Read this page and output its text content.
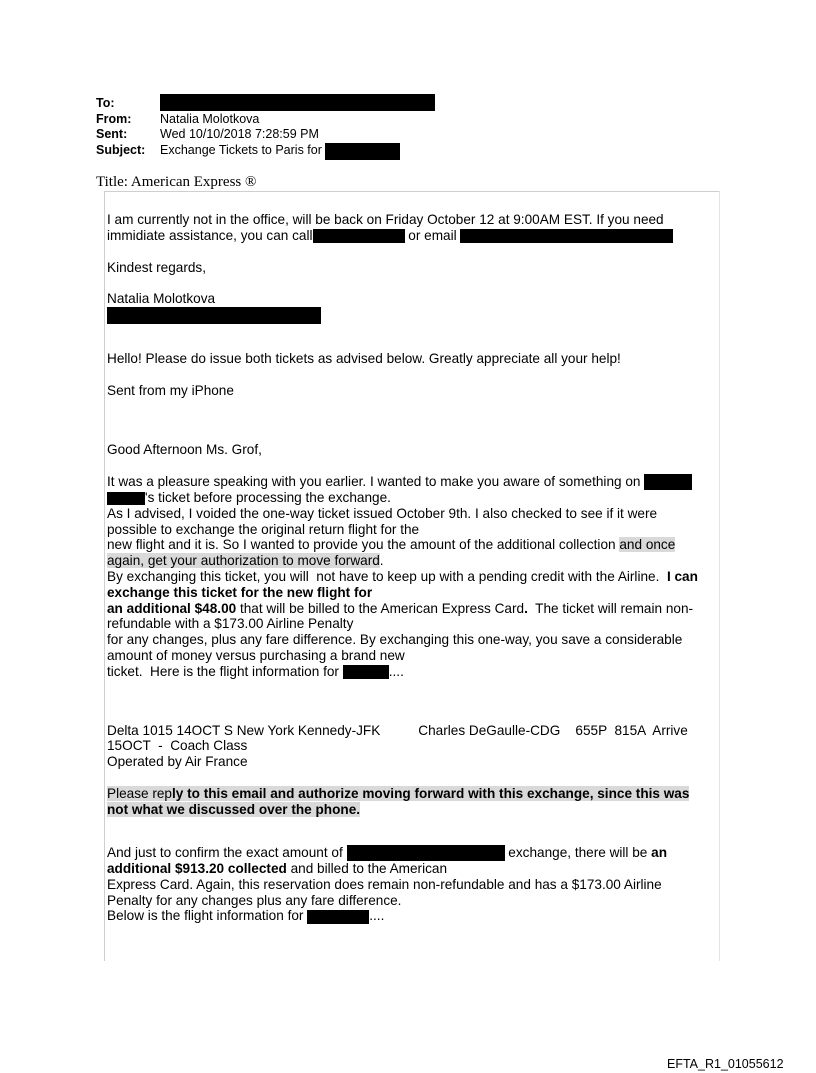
To:
From:	Natalia Molotkova
Sent:	Wed 10/10/2018 7:28:59 PM
Subject:	Exchange Tickets to Paris for
Title: American Express ®

I am currently not in the office, will be back on Friday October 12 at 9:00AM EST. If you need

immidiate assistance, you can call	or email

Kindest regards,

Natalia Molotkova

Hello! Please do issue both tickets as advised below. Greatly appreciate all your help!

Sent from my iPhone

Good Afternoon Ms. Grof,

It was a pleasure speaking with you earlier. I wanted to make you aware of something on

's ticket before processing the exchange.

As I advised, I voided the one-way ticket issued October 9th. I also checked to see if it were

possible to exchange the original return flight for the

new flight and it is. So I wanted to provide you the amount of the additional collection and once

again, get your authorization to move forward.

By exchanging this ticket, you will  not have to keep up with a pending credit with the Airline.  I can

exchange this ticket for the new flight for

an additional $48.00 that will be billed to the American Express Card.  The ticket will remain non-

refundable with a $173.00 Airline Penalty

for any changes, plus any fare difference. By exchanging this one-way, you save a considerable

amount of money versus purchasing a brand new

ticket.  Here is the flight information for	....

Delta 1015 14OCT S New York Kennedy-JFK	Charles DeGaulle-CDG    655P  815A  Arrive

15OCT  -  Coach Class

Operated by Air France

Please reply to this email and authorize moving forward with this exchange, since this was

not what we discussed over the phone.

And just to confirm the exact amount of	exchange, there will be an

additional $913.20 collected and billed to the American

Express Card. Again, this reservation does remain non-refundable and has a $173.00 Airline

Penalty for any changes plus any fare difference.

Below is the flight information for	....

EFTA_R1_01055612
